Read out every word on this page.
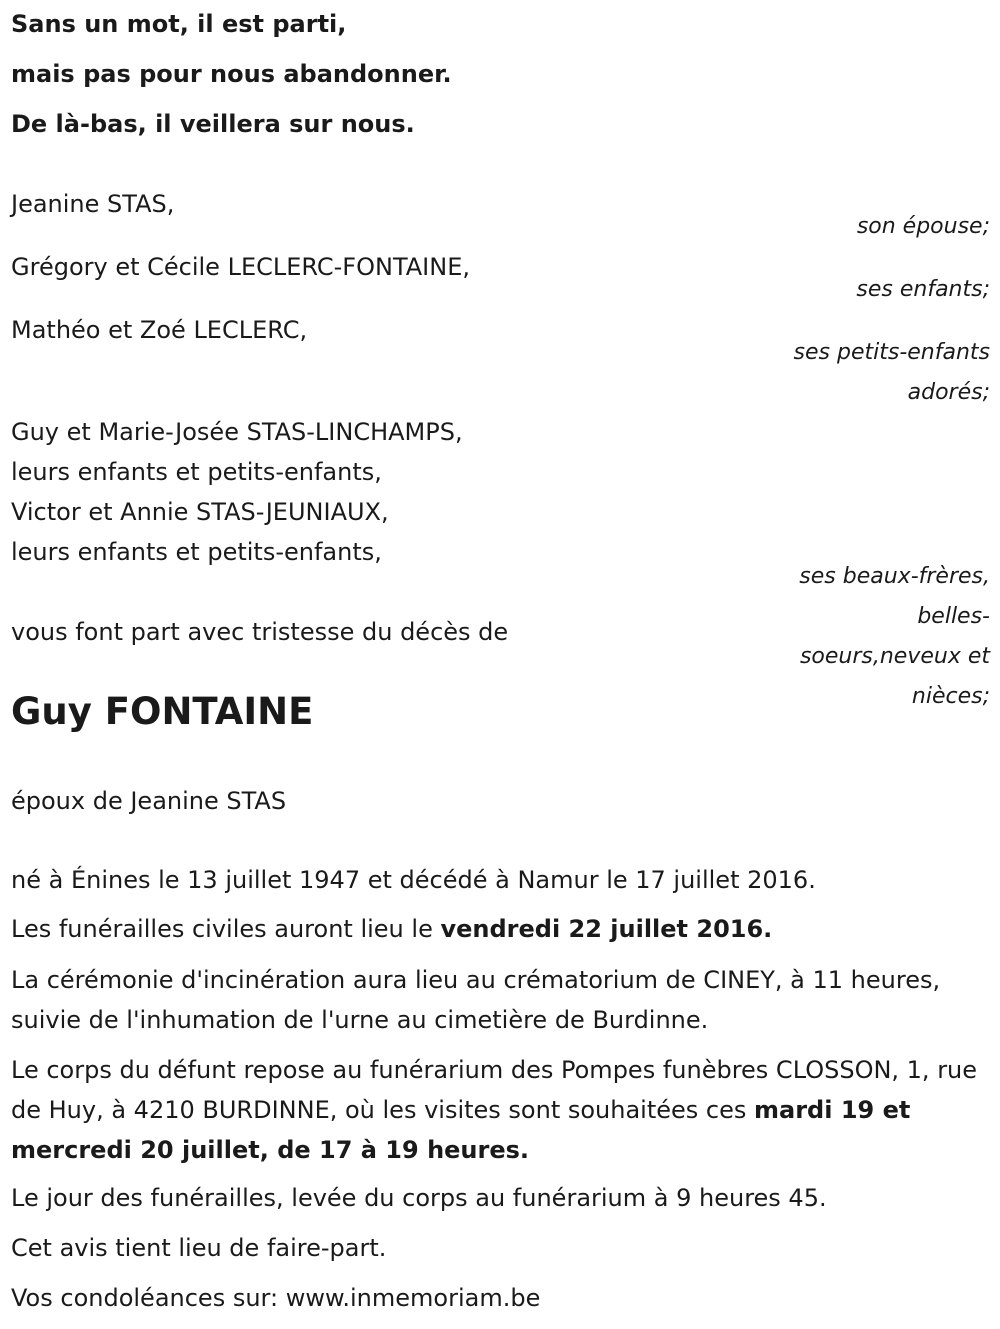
Sans un mot, il est parti,
mais pas pour nous abandonner.
De là-bas, il veillera sur nous.
Jeanine STAS,
Grégory et Cécile LECLERC-FONTAINE,
Mathéo et Zoé LECLERC,
Guy et Marie-Josée STAS-LINCHAMPS,
leurs enfants et petits-enfants,
Victor et Annie STAS-JEUNIAUX,
leurs enfants et petits-enfants,
vous font part avec tristesse du décès de
son épouse;
ses enfants;
ses petits-enfants
adorés;
ses beaux-frères,
belles-
soeurs,neveux et
nièces;
Guy FONTAINE
époux de Jeanine STAS
né à Énines le 13 juillet 1947 et décédé à Namur le 17 juillet 2016.
Les funérailles civiles auront lieu le vendredi 22 juillet 2016.
La cérémonie d'incinération aura lieu au crématorium de CINEY, à 11 heures, suivie de l'inhumation de l'urne au cimetière de Burdinne.
Le corps du défunt repose au funérarium des Pompes funèbres CLOSSON, 1, rue de Huy, à 4210 BURDINNE, où les visites sont souhaitées ces mardi 19 et mercredi 20 juillet, de 17 à 19 heures.
Le jour des funérailles, levée du corps au funérarium à 9 heures 45.
Cet avis tient lieu de faire-part.
Vos condoléances sur: www.inmemoriam.be
